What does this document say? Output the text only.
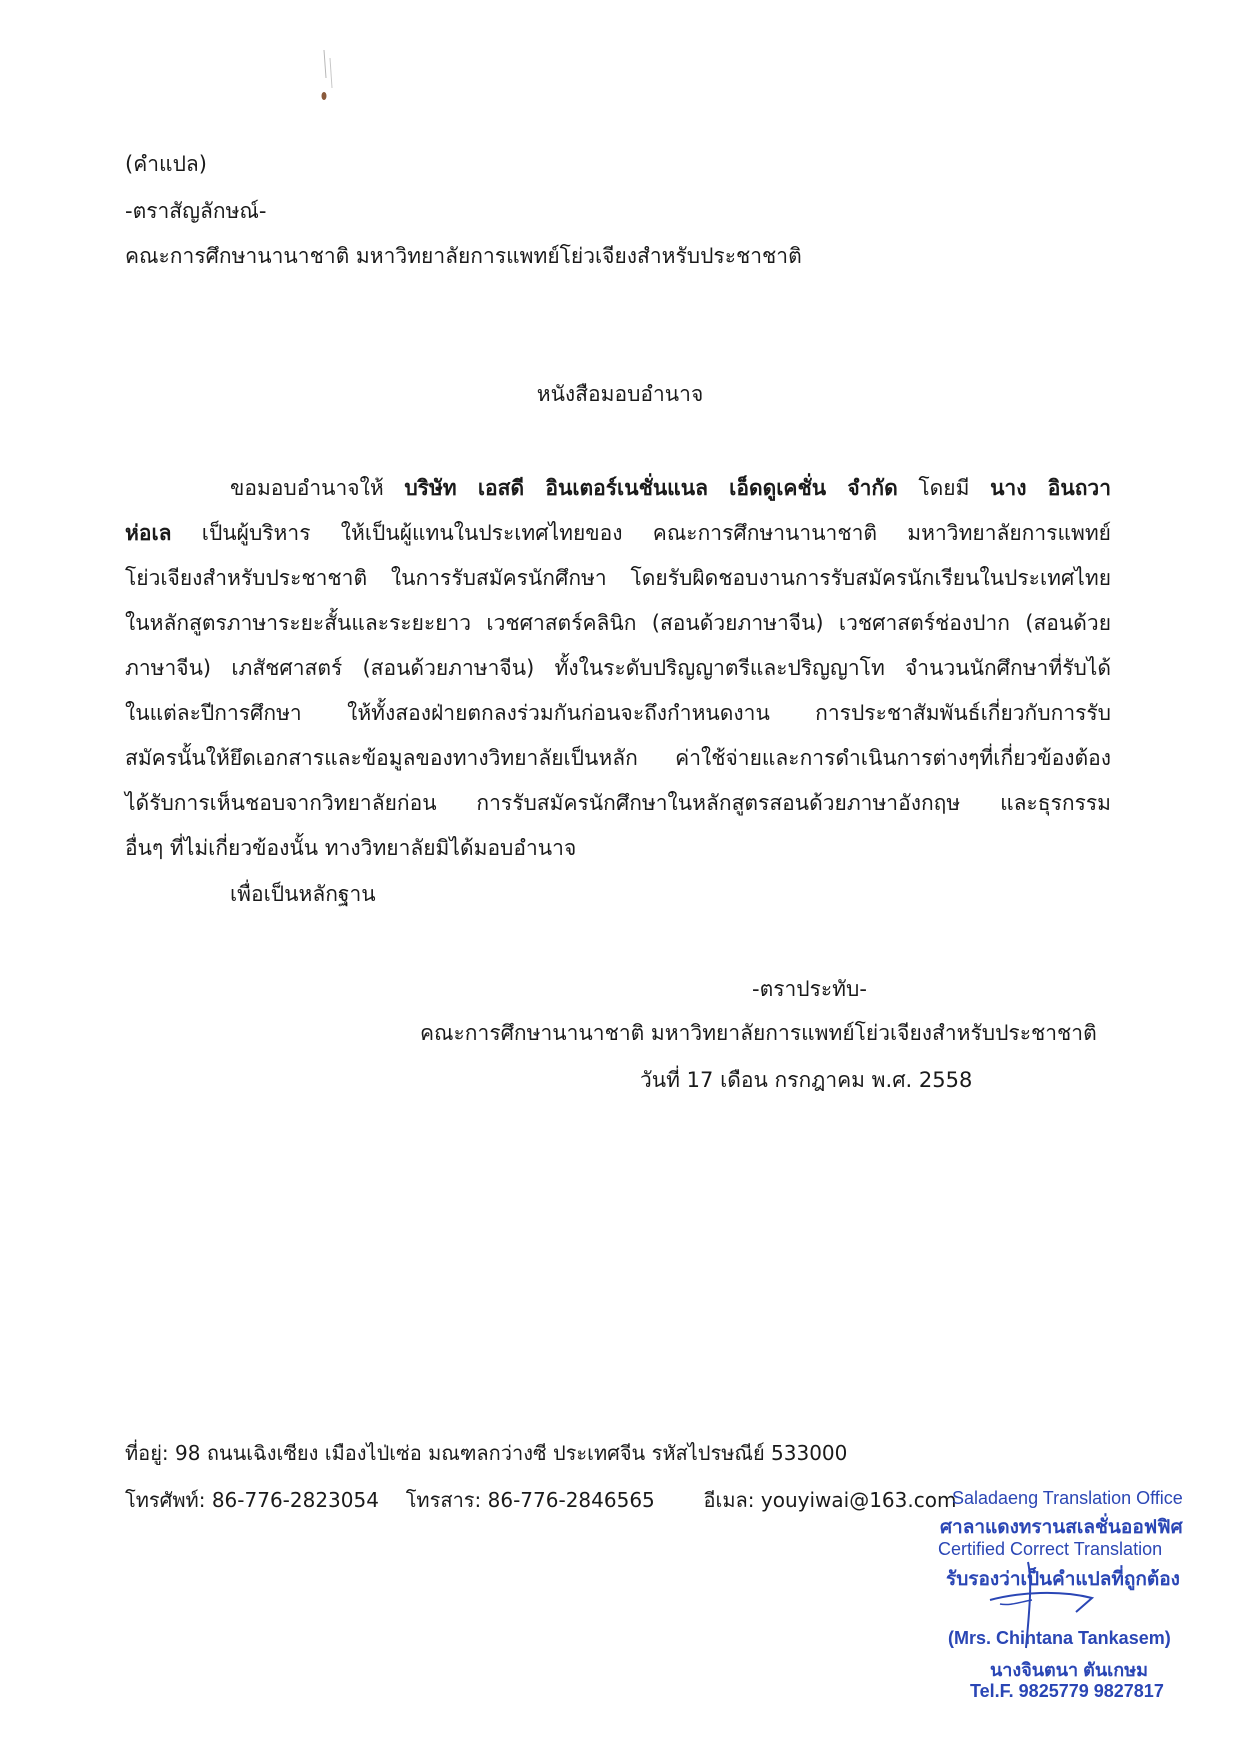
(คำแปล)
-ตราสัญลักษณ์-
คณะการศึกษานานาชาติ มหาวิทยาลัยการแพทย์โย่วเจียงสำหรับประชาชาติ
หนังสือมอบอำนาจ
ขอมอบอำนาจให้ บริษัท เอสดี อินเตอร์เนชั่นแนล เอ็ดดูเคชั่น จำกัด โดยมี นาง อินถวา
ห่อเล เป็นผู้บริหาร ให้เป็นผู้แทนในประเทศไทยของ คณะการศึกษานานาชาติ มหาวิทยาลัยการแพทย์
โย่วเจียงสำหรับประชาชาติ ในการรับสมัครนักศึกษา โดยรับผิดชอบงานการรับสมัครนักเรียนในประเทศไทย
ในหลักสูตรภาษาระยะสั้นและระยะยาว เวชศาสตร์คลินิก (สอนด้วยภาษาจีน) เวชศาสตร์ช่องปาก (สอนด้วย
ภาษาจีน) เภสัชศาสตร์ (สอนด้วยภาษาจีน) ทั้งในระดับปริญญาตรีและปริญญาโท จำนวนนักศึกษาที่รับได้
ในแต่ละปีการศึกษา ให้ทั้งสองฝ่ายตกลงร่วมกันก่อนจะถึงกำหนดงาน การประชาสัมพันธ์เกี่ยวกับการรับ
สมัครนั้นให้ยึดเอกสารและข้อมูลของทางวิทยาลัยเป็นหลัก ค่าใช้จ่ายและการดำเนินการต่างๆที่เกี่ยวข้องต้อง
ได้รับการเห็นชอบจากวิทยาลัยก่อน การรับสมัครนักศึกษาในหลักสูตรสอนด้วยภาษาอังกฤษ และธุรกรรม
อื่นๆ ที่ไม่เกี่ยวข้องนั้น ทางวิทยาลัยมิได้มอบอำนาจ
เพื่อเป็นหลักฐาน
-ตราประทับ-
คณะการศึกษานานาชาติ มหาวิทยาลัยการแพทย์โย่วเจียงสำหรับประชาชาติ
วันที่ 17 เดือน กรกฎาคม พ.ศ. 2558
ที่อยู่: 98 ถนนเฉิงเซียง เมืองไป่เซ่อ มณฑลกว่างซี ประเทศจีน รหัสไปรษณีย์ 533000
โทรศัพท์: 86-776-2823054 โทรสาร: 86-776-2846565 อีเมล: youyiwai@163.com
Saladaeng Translation Office
ศาลาแดงทรานสเลชั่นออฟฟิศ
Certified Correct Translation
รับรองว่าเป็นคำแปลที่ถูกต้อง
(Mrs. Chintana Tankasem)
นางจินตนา ตันเกษม
Tel.F. 9825779 9827817
